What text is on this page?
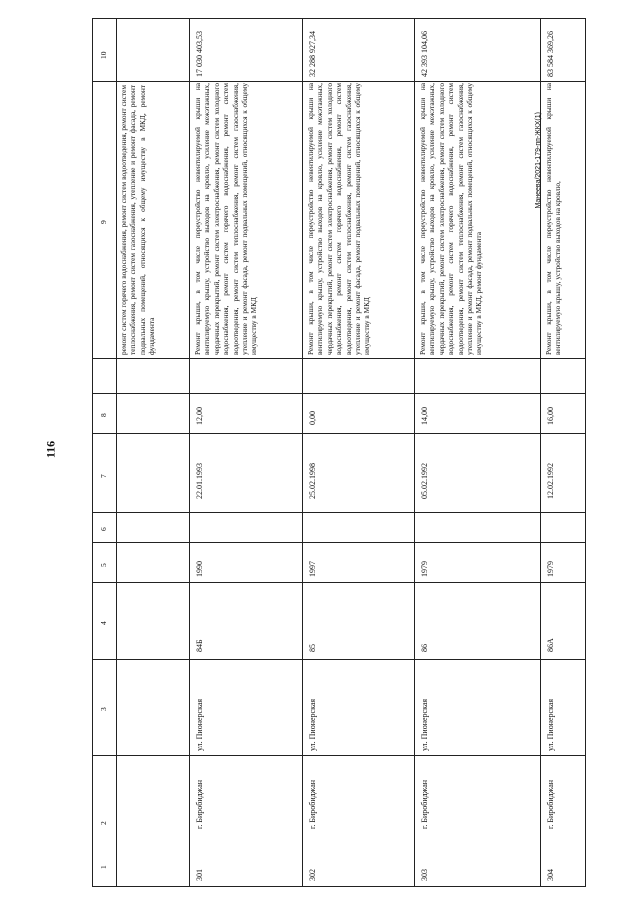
116
Манеева/2021-179-пп-ЖКХ(1)
1
2
3
4
5
6
7
8
9
10
ремонт систем горячего водоснабжения, ремонт систем водоотведения, ремонт систем теплоснабжения, ремонт систем газоснабжения, утепление и ремонт фасада, ремонт подвальных помещений, относящихся к общему имуществу в МКД, ремонт фундамента
301
г. Биробиджан
ул. Пионерская
84Б
1990
22.01.1993
12,00
Ремонт крыши, в том числе переустройство невентилируемой крыши на вентилируемую крышу, устройство выходов на кровлю, усиление межэтажных, чердачных перекрытий, ремонт систем электроснабжения, ремонт систем холодного водоснабжения, ремонт систем горячего водоснабжения, ремонт систем водоотведения, ремонт систем теплоснабжения, ремонт систем газоснабжения, утепление и ремонт фасада, ремонт подвальных помещений, относящихся к общему имуществу в МКД
17 030 403,53
302
г. Биробиджан
ул. Пионерская
85
1997
25.02.1998
0,00
Ремонт крыши, в том числе переустройство невентилируемой крыши на вентилируемую крышу, устройство выходов на кровлю, усиление межэтажных, чердачных перекрытий, ремонт систем электроснабжения, ремонт систем холодного водоснабжения, ремонт систем горячего водоснабжения, ремонт систем водоотведения, ремонт систем теплоснабжения, ремонт систем газоснабжения, утепление и ремонт фасада, ремонт подвальных помещений, относящихся к общему имуществу в МКД
32 288 927,34
303
г. Биробиджан
ул. Пионерская
86
1979
05.02.1992
14,00
Ремонт крыши, в том числе переустройство невентилируемой крыши на вентилируемую крышу, устройство выходов на кровлю, усиление межэтажных, чердачных перекрытий, ремонт систем электроснабжения, ремонт систем холодного водоснабжения, ремонт систем горячего водоснабжения, ремонт систем водоотведения, ремонт систем теплоснабжения, ремонт систем газоснабжения, утепление и ремонт фасада, ремонт подвальных помещений, относящихся к общему имуществу в МКД, ремонт фундамента
42 393 104,06
304
г. Биробиджан
ул. Пионерская
86А
1979
12.02.1992
16,00
Ремонт крыши, в том числе переустройство невентилируемой крыши на вентилируемую крышу, устройство выходов на кровлю,
83 584 369,26
